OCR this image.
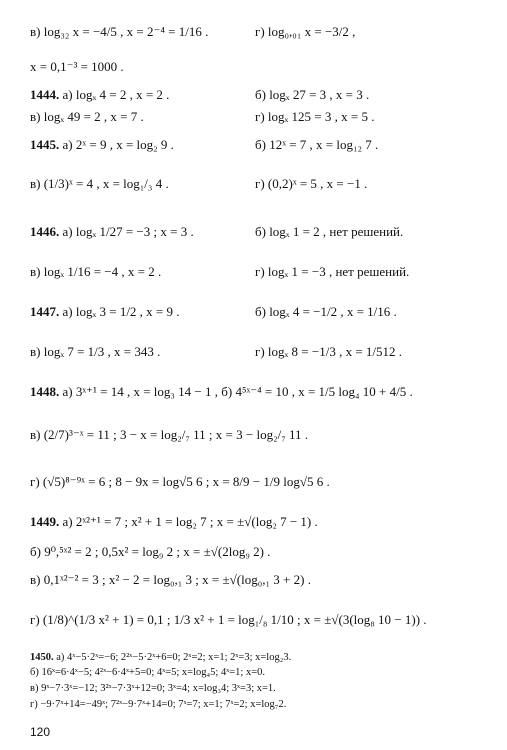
в) log₃₂ x = −4/5 , x = 2⁻⁴ = 1/16 .	г) log₀,₀₁ x = −3/2 ,
x = 0,1⁻³ = 1000 .
1444. а) logₓ 4 = 2 , x = 2 .	б) logₓ 27 = 3 , x = 3 .
в) logₓ 49 = 2 , x = 7 .	г) logₓ 125 = 3 , x = 5 .
1445. а) 2ˣ = 9 , x = log₂ 9 .	б) 12ˣ = 7 , x = log₁₂ 7 .
в) (1/3)ˣ = 4 , x = log₁/₃ 4 .	г) (0,2)ˣ = 5 , x = −1 .
1446. а) logₓ 1/27 = −3 ; x = 3 .	б) logₓ 1 = 2 , нет решений.
в) logₓ 1/16 = −4 , x = 2 .	г) logₓ 1 = −3 , нет решений.
1447. а) logₓ 3 = 1/2 , x = 9 .	б) logₓ 4 = −1/2 , x = 1/16 .
в) logₓ 7 = 1/3 , x = 343 .	г) logₓ 8 = −1/3 , x = 1/512 .
1448. а) 3ˣ⁺¹ = 14 , x = log₃ 14 − 1 , б) 4⁵ˣ⁻⁴ = 10 , x = 1/5 log₄ 10 + 4/5 .
в) (2/7)³⁻ˣ = 11 ; 3 − x = log₂/₇ 11 ; x = 3 − log₂/₇ 11 .
г) (√5)⁸⁻⁹ˣ = 6 ; 8 − 9x = log√5 6 ; x = 8/9 − 1/9 log√5 6 .
1449. а) 2ˣ²⁺¹ = 7 ; x² + 1 = log₂ 7 ; x = ±√(log₂ 7 − 1) .
б) 9⁰,⁵ˣ² = 2 ; 0,5x² = log₉ 2 ; x = ±√(2log₉ 2) .
в) 0,1ˣ²⁻² = 3 ; x² − 2 = log₀,₁ 3 ; x = ±√(log₀,₁ 3 + 2) .
г) (1/8)^(1/3 x² + 1) = 0,1 ; 1/3 x² + 1 = log₁/₈ 1/10 ; x = ±√(3(log₈ 10 − 1)) .
1450. а) 4ˣ−5·2ˣ=−6; 2²ˣ−5·2ˣ+6=0; 2ˣ=2; x=1; 2ˣ=3; x=log₂3.
б) 16ˣ=6·4ˣ−5; 4²ˣ−6·4ˣ+5=0; 4ˣ=5; x=log₄5; 4ˣ=1; x=0.
в) 9ˣ−7·3ˣ=−12; 3²ˣ−7·3ˣ+12=0; 3ˣ=4; x=log₃4; 3ˣ=3; x=1.
г) −9·7ˣ+14=−49ˣ; 7²ˣ−9·7ˣ+14=0; 7ˣ=7; x=1; 7ˣ=2; x=log₇2.
120
